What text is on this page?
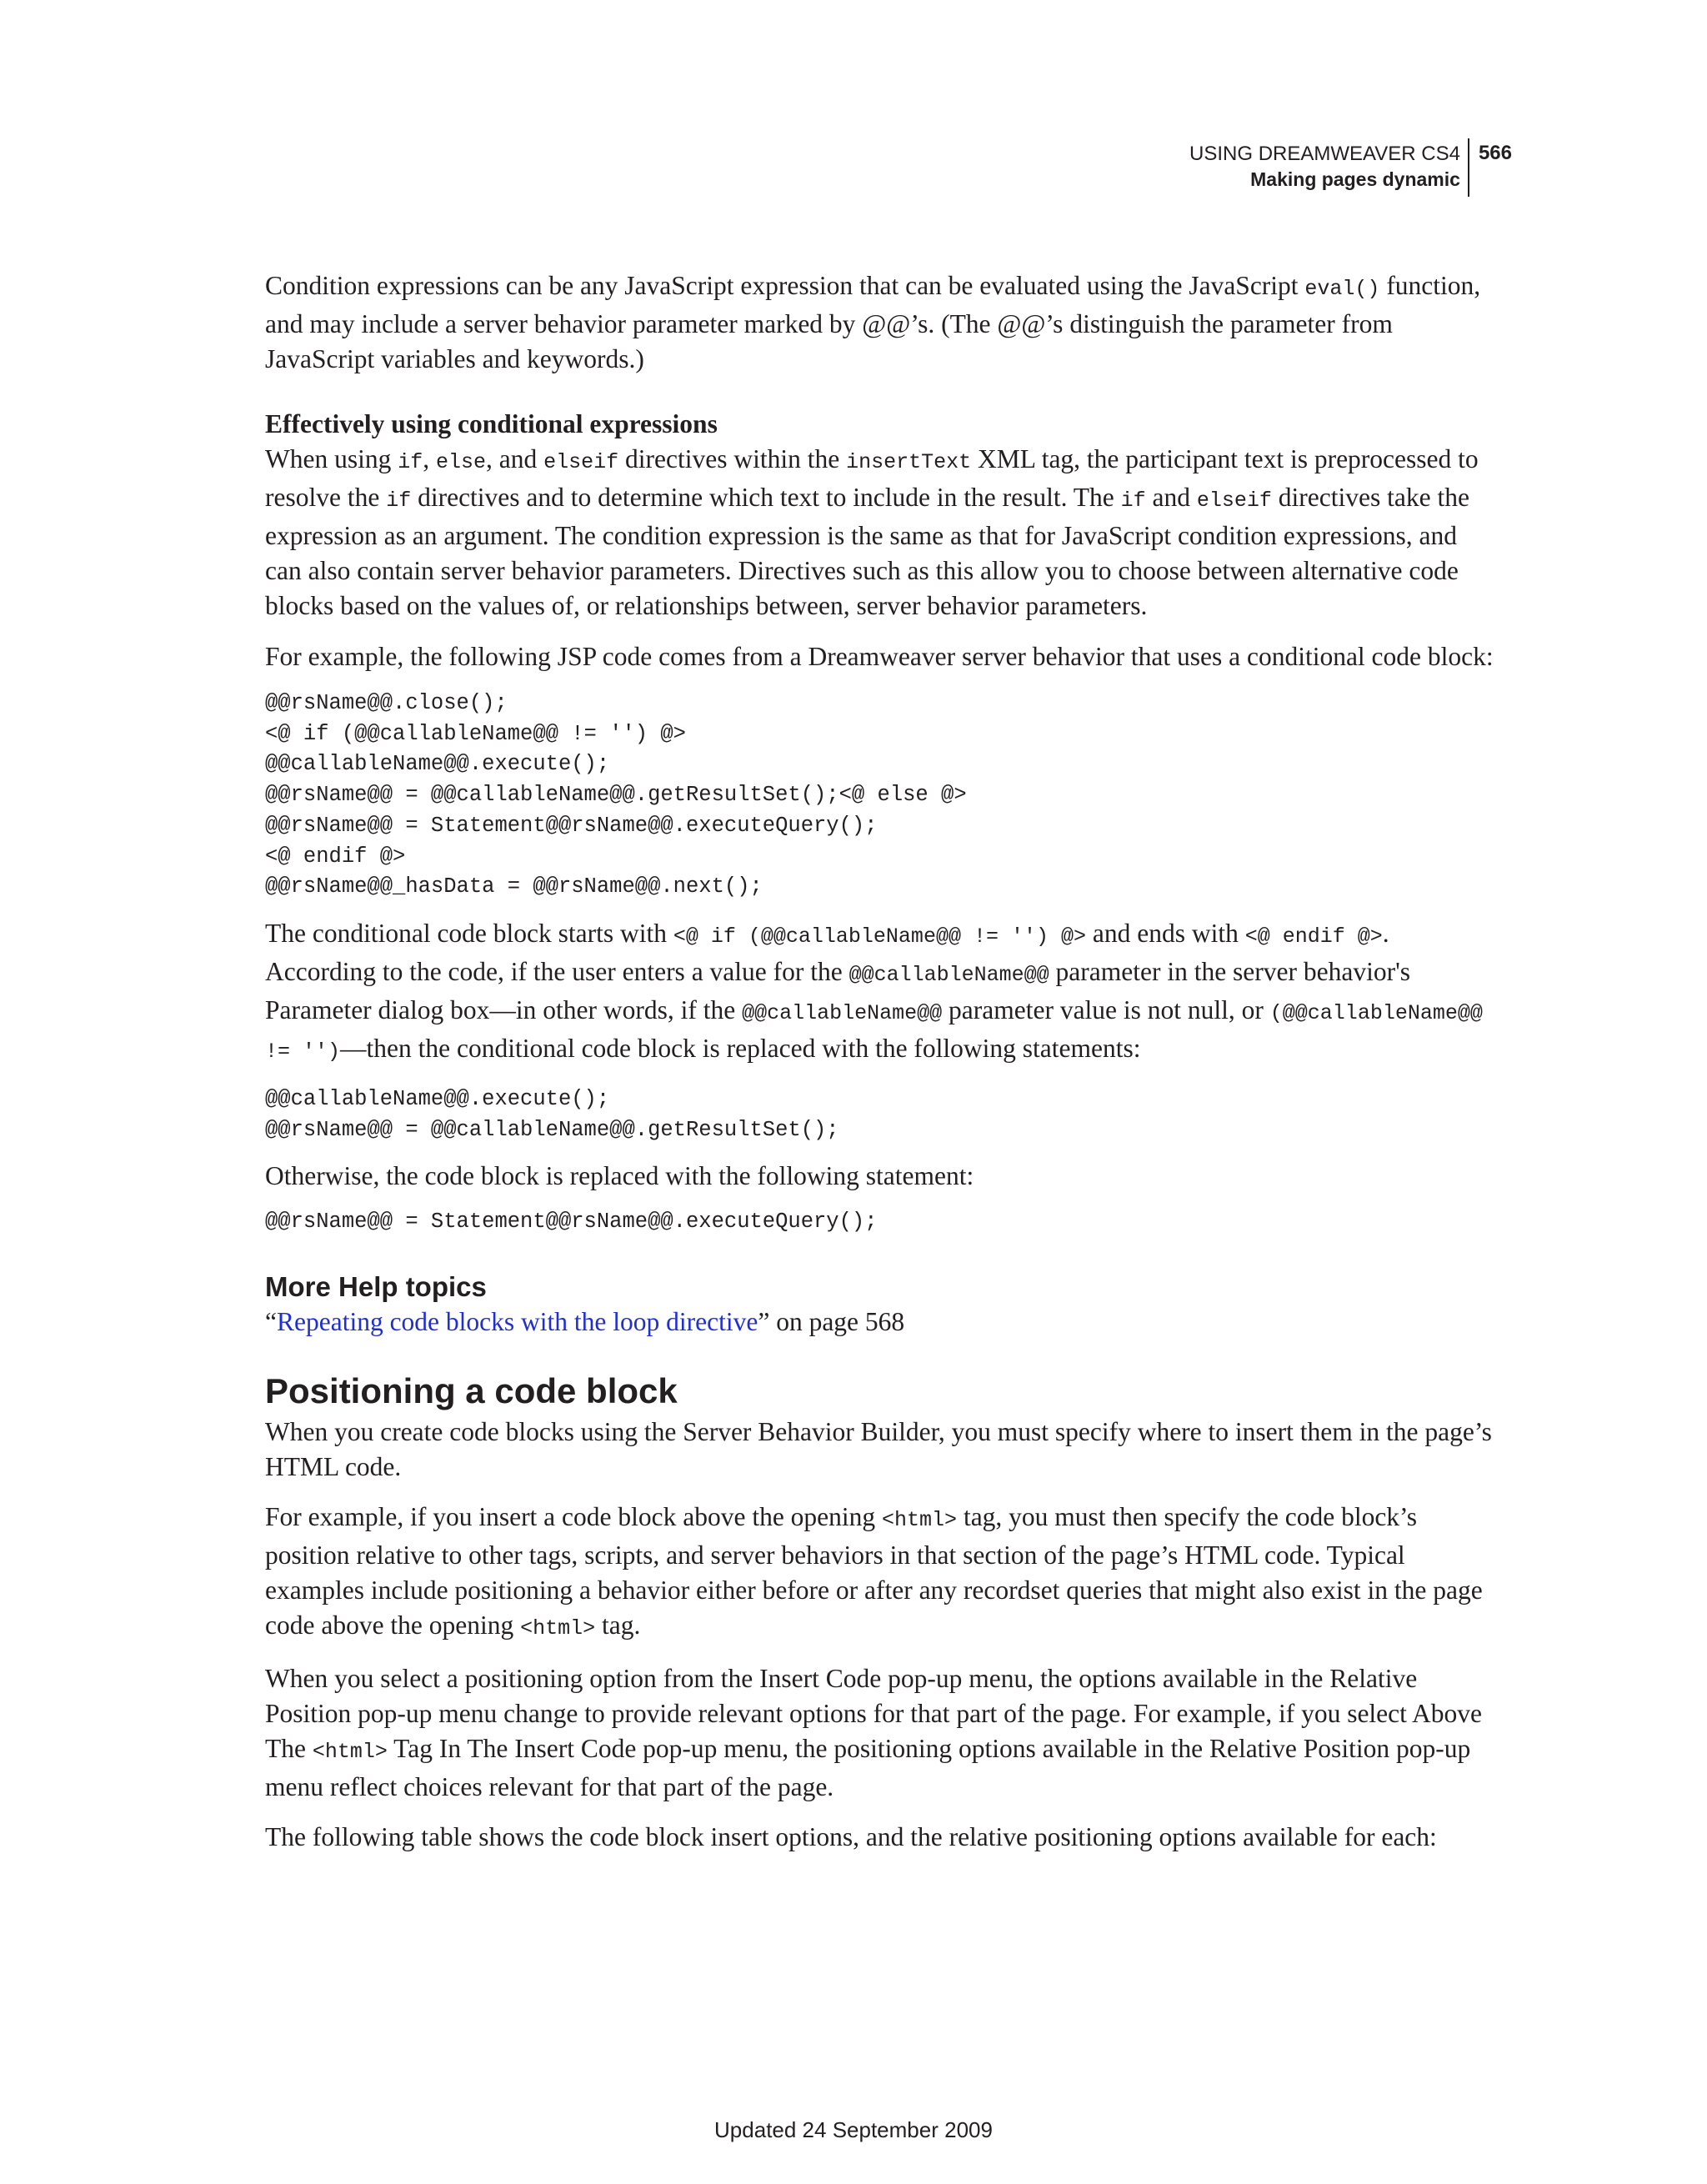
USING DREAMWEAVER CS4
Making pages dynamic
566

Condition expressions can be any JavaScript expression that can be evaluated using the JavaScript eval() function, and may include a server behavior parameter marked by @@’s. (The @@’s distinguish the parameter from JavaScript variables and keywords.)

Effectively using conditional expressions

When using if, else, and elseif directives within the insertText XML tag, the participant text is preprocessed to resolve the if directives and to determine which text to include in the result. The if and elseif directives take the expression as an argument. The condition expression is the same as that for JavaScript condition expressions, and can also contain server behavior parameters. Directives such as this allow you to choose between alternative code blocks based on the values of, or relationships between, server behavior parameters.

For example, the following JSP code comes from a Dreamweaver server behavior that uses a conditional code block:

@@rsName@@.close();
<@ if (@@callableName@@ != '') @>
@@callableName@@.execute();
@@rsName@@ = @@callableName@@.getResultSet();<@ else @>
@@rsName@@ = Statement@@rsName@@.executeQuery();
<@ endif @>
@@rsName@@_hasData = @@rsName@@.next();

The conditional code block starts with <@ if (@@callableName@@ != '') @> and ends with <@ endif @>. According to the code, if the user enters a value for the @@callableName@@ parameter in the server behavior's Parameter dialog box—in other words, if the @@callableName@@ parameter value is not null, or (@@callableName@@ != '')—then the conditional code block is replaced with the following statements:

@@callableName@@.execute();
@@rsName@@ = @@callableName@@.getResultSet();

Otherwise, the code block is replaced with the following statement:

@@rsName@@ = Statement@@rsName@@.executeQuery();
More Help topics

“Repeating code blocks with the loop directive” on page 568

Positioning a code block

When you create code blocks using the Server Behavior Builder, you must specify where to insert them in the page’s HTML code.

For example, if you insert a code block above the opening <html> tag, you must then specify the code block’s position relative to other tags, scripts, and server behaviors in that section of the page’s HTML code. Typical examples include positioning a behavior either before or after any recordset queries that might also exist in the page code above the opening <html> tag.

When you select a positioning option from the Insert Code pop-up menu, the options available in the Relative Position pop-up menu change to provide relevant options for that part of the page. For example, if you select Above The <html> Tag In The Insert Code pop-up menu, the positioning options available in the Relative Position pop-up menu reflect choices relevant for that part of the page.

The following table shows the code block insert options, and the relative positioning options available for each:

Updated 24 September 2009
